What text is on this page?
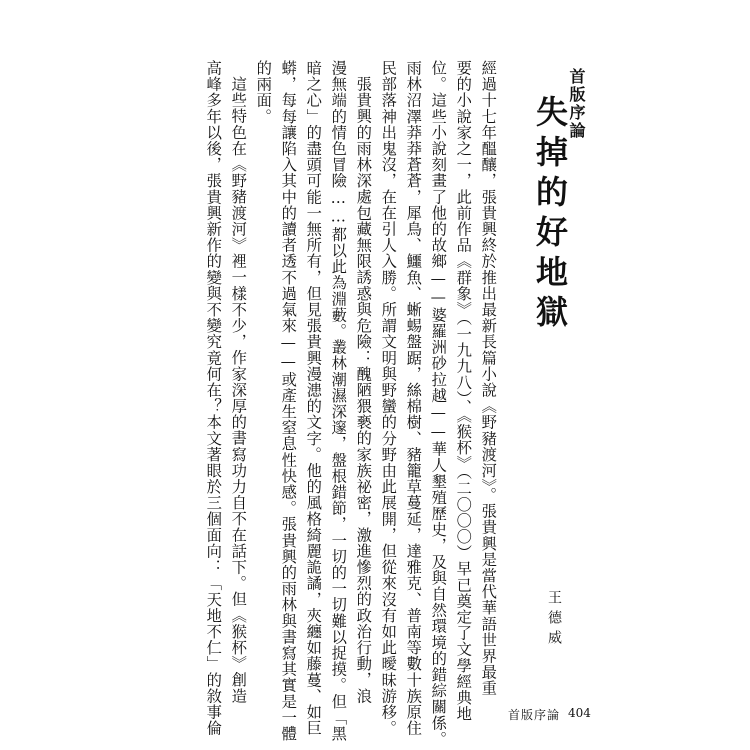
首版序論
失掉的好地獄
王德威
經過十七年醞釀，張貴興終於推出最新長篇小說《野豬渡河》。張貴興是當代華語世界最重
要的小說家之一，此前作品《群象》（一九九八）、《猴杯》（二〇〇〇）早已奠定了文學經典地
位。這些小說刻畫了他的故鄉——婆羅洲砂拉越——華人墾殖歷史，及與自然環境的錯綜關係。
雨林沼澤莽莽蒼蒼，犀鳥、鱷魚、蜥蜴盤踞，絲棉樹、豬籠草蔓延，達雅克、普南等數十族原住
民部落神出鬼沒，在在引人入勝。所謂文明與野蠻的分野由此展開，但從來沒有如此曖昧游移。
張貴興的雨林深處包藏無限誘惑與危險：醜陋猥褻的家族祕密，激進慘烈的政治行動，浪
漫無端的情色冒險……都以此為淵藪。叢林潮濕深邃，盤根錯節，一切的一切難以捉摸。但「黑
暗之心」的盡頭可能一無所有，但見張貴興漫漶的文字。他的風格綺麗詭譎，夾纏如藤蔓、如巨
蟒，每每讓陷入其中的讀者透不過氣來——或產生窒息性快感。張貴興的雨林與書寫其實是一體
的兩面。
這些特色在《野豬渡河》裡一樣不少，作家深厚的書寫功力自不在話下。但《猴杯》創造
高峰多年以後，張貴興新作的變與不變究竟何在？本文著眼於三個面向：「天地不仁」的敘事倫	首版序論 404
